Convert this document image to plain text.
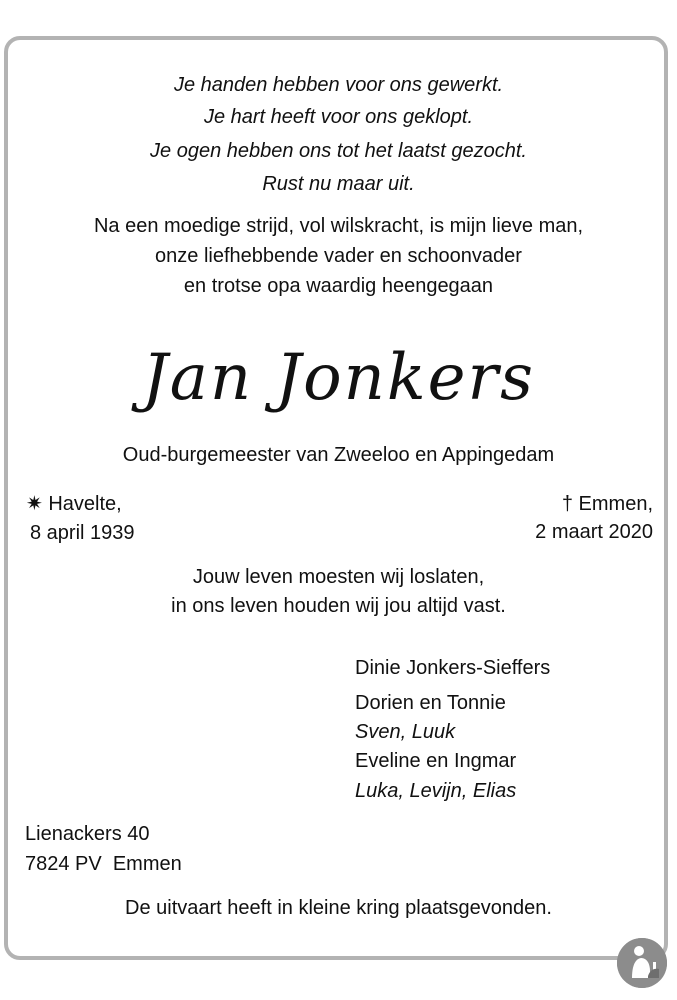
Je handen hebben voor ons gewerkt.
Je hart heeft voor ons geklopt.
Je ogen hebben ons tot het laatst gezocht.
Rust nu maar uit.
Na een moedige strijd, vol wilskracht, is mijn lieve man,
onze liefhebbende vader en schoonvader
en trotse opa waardig heengegaan
Jan Jonkers
Oud-burgemeester van Zweeloo en Appingedam
✷ Havelte,
8 april 1939
† Emmen,
2 maart 2020
Jouw leven moesten wij loslaten,
in ons leven houden wij jou altijd vast.
Dinie Jonkers-Sieffers
Dorien en Tonnie
Sven, Luuk
Eveline en Ingmar
Luka, Levijn, Elias
Lienackers 40
7824 PV  Emmen
De uitvaart heeft in kleine kring plaatsgevonden.
